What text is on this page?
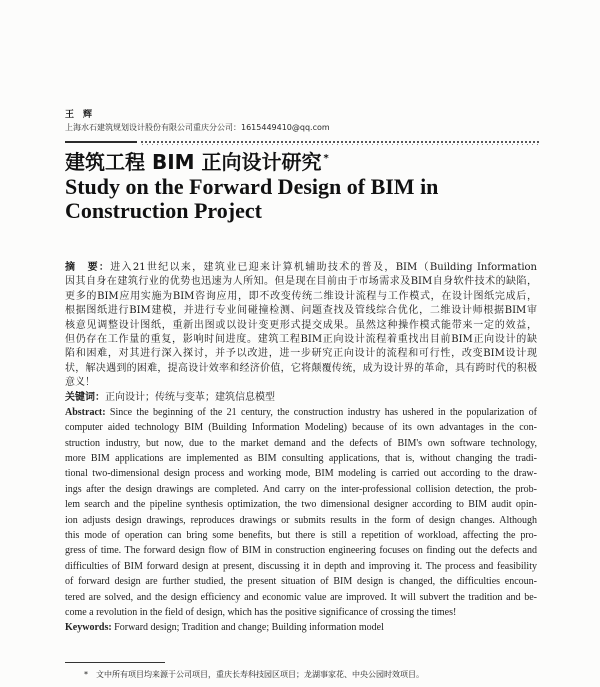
王　辉
上海水石建筑规划设计股份有限公司重庆分公司：1615449410@qq.com
建筑工程 BIM 正向设计研究 *
Study on the Forward Design of BIM in
Construction Project
摘　要：进入21世纪以来，建筑业已迎来计算机辅助技术的普及，BIM（Building Information
因其自身在建筑行业的优势也迅速为人所知。但是现在目前由于市场需求及BIM自身软件技术的缺陷，
更多的BIM应用实施为BIM咨询应用，即不改变传统二维设计流程与工作模式，在设计图纸完成后，
根据图纸进行BIM建模，并进行专业间碰撞检测、问题查找及管线综合优化，二维设计师根据BIM审
核意见调整设计图纸，重新出图或以设计变更形式提交成果。虽然这种操作模式能带来一定的效益，
但仍存在工作量的重复，影响时间进度。建筑工程BIM正向设计流程着重找出目前BIM正向设计的缺
陷和困难，对其进行深入探讨，并予以改进，进一步研究正向设计的流程和可行性，改变BIM设计现
状，解决遇到的困难，提高设计效率和经济价值，它将颠覆传统，成为设计界的革命，具有跨时代的积极
意义！
关键词：正向设计；传统与变革；建筑信息模型
Abstract: Since the beginning of the 21 century, the construction industry has ushered in the popularization of
computer aided technology BIM (Building Information Modeling) because of its own advantages in the con-
struction industry, but now, due to the market demand and the defects of BIM's own software technology,
more BIM applications are implemented as BIM consulting applications, that is, without changing the tradi-
tional two-dimensional design process and working mode, BIM modeling is carried out according to the draw-
ings after the design drawings are completed. And carry on the inter-professional collision detection, the prob-
lem search and the pipeline synthesis optimization, the two dimensional designer according to BIM audit opin-
ion adjusts design drawings, reproduces drawings or submits results in the form of design changes. Although
this mode of operation can bring some benefits, but there is still a repetition of workload, affecting the pro-
gress of time. The forward design flow of BIM in construction engineering focuses on finding out the defects and
difficulties of BIM forward design at present, discussing it in depth and improving it. The process and feasibility
of forward design are further studied, the present situation of BIM design is changed, the difficulties encoun-
tered are solved, and the design efficiency and economic value are improved. It will subvert the tradition and be-
come a revolution in the field of design, which has the positive significance of crossing the times!
Keywords: Forward design; Tradition and change; Building information model
* 文中所有项目均来源于公司项目，重庆长寿科技园区项目；龙湖事家花、中央公园时效项目。
